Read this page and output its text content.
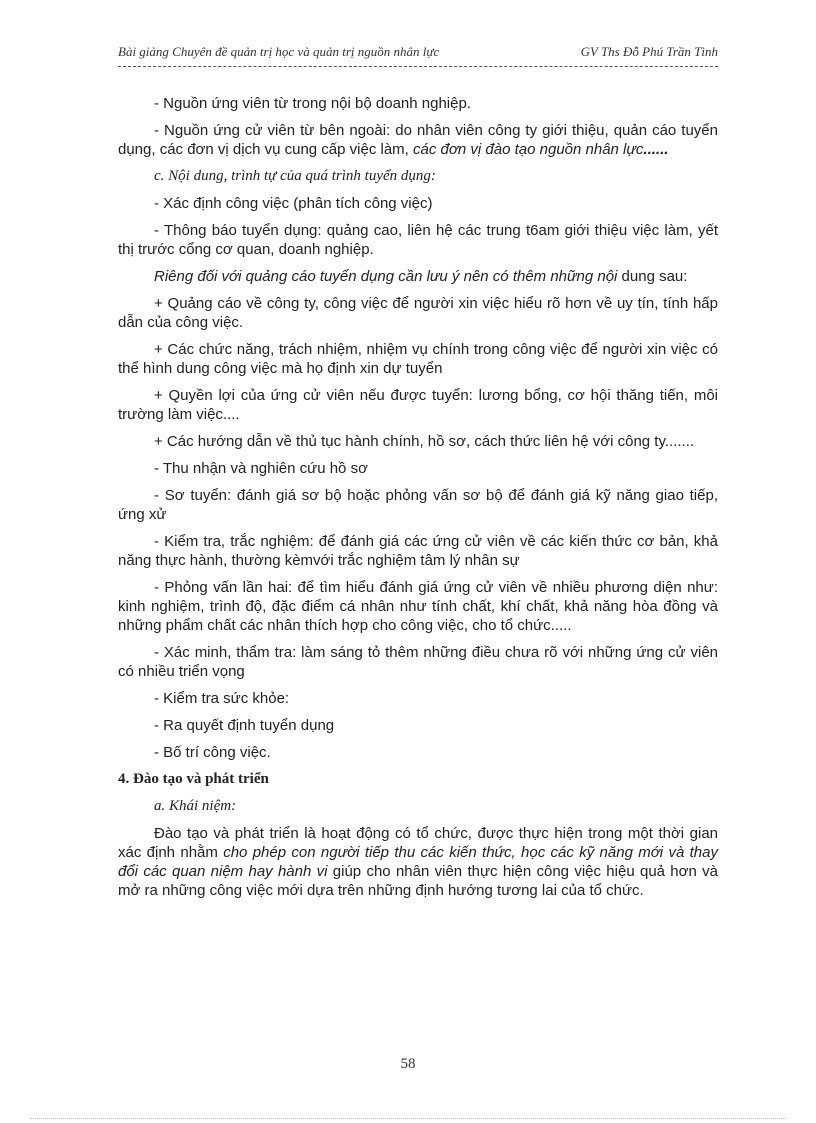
Bài giảng Chuyên đề quản trị học và quản trị nguồn nhân lực	GV Ths Đỗ Phú Trần Tình

- Nguồn ứng viên từ trong nội bộ doanh nghiệp.

- Nguồn ứng cử viên từ bên ngoài: do nhân viên công ty giới thiệu, quản cáo tuyển dụng, các đơn vị dịch vụ cung cấp việc làm, các đơn vị đào tạo nguồn nhân lực......

c. Nội dung, trình tự của quá trình tuyển dụng:

- Xác định công việc (phân tích công việc)

- Thông báo tuyển dụng: quảng cao, liên hệ các trung t6am giới thiệu việc làm, yết thị trước cổng cơ quan, doanh nghiệp.

Riêng đối với quảng cáo tuyển dụng cần lưu ý nên có thêm những nội dung sau:

+ Quảng cáo về công ty, công việc để người xin việc hiểu rõ hơn về uy tín, tính hấp dẫn của công việc.

+ Các chức năng, trách nhiệm, nhiệm vụ chính trong công việc để người xin việc có thể hình dung công việc mà họ định xin dự tuyển

+ Quyền lợi của ứng cử viên nếu được tuyển: lương bổng, cơ hội thăng tiến, môi trường làm việc....

+ Các hướng dẫn về thủ tục hành chính, hồ sơ, cách thức liên hệ với công ty.......

- Thu nhận và nghiên cứu hồ sơ

- Sơ tuyển: đánh giá sơ bộ hoặc phỏng vấn sơ bộ để đánh giá kỹ năng giao tiếp, ứng xử

- Kiểm tra, trắc nghiệm: để đánh giá các ứng cử viên về các kiến thức cơ bản, khả năng thực hành, thường kèmvới trắc nghiệm tâm lý nhân sự

- Phỏng vấn lần hai: để tìm hiểu đánh giá ứng cử viên về nhiều phương diện như: kinh nghiệm, trình độ, đặc điểm cá nhân như tính chất, khí chất, khả năng hòa đồng và những phẩm chất các nhân thích hợp cho công việc, cho tổ chức.....

- Xác minh, thẩm tra: làm sáng tỏ thêm những điều chưa rõ với những ứng cử viên có nhiều triển vọng

- Kiểm tra sức khỏe:

- Ra quyết định tuyển dụng

- Bố trí công việc.

4. Đào tạo và phát triển

a. Khái niệm:

Đào tạo và phát triển là hoạt động có tổ chức, được thực hiện trong một thời gian xác định nhằm cho phép con người tiếp thu các kiến thức, học các kỹ năng mới và thay đổi các quan niệm hay hành vi giúp cho nhân viên thực hiện công việc hiệu quả hơn và mở ra những công việc mới dựa trên những định hướng tương lai của tổ chức.

58
